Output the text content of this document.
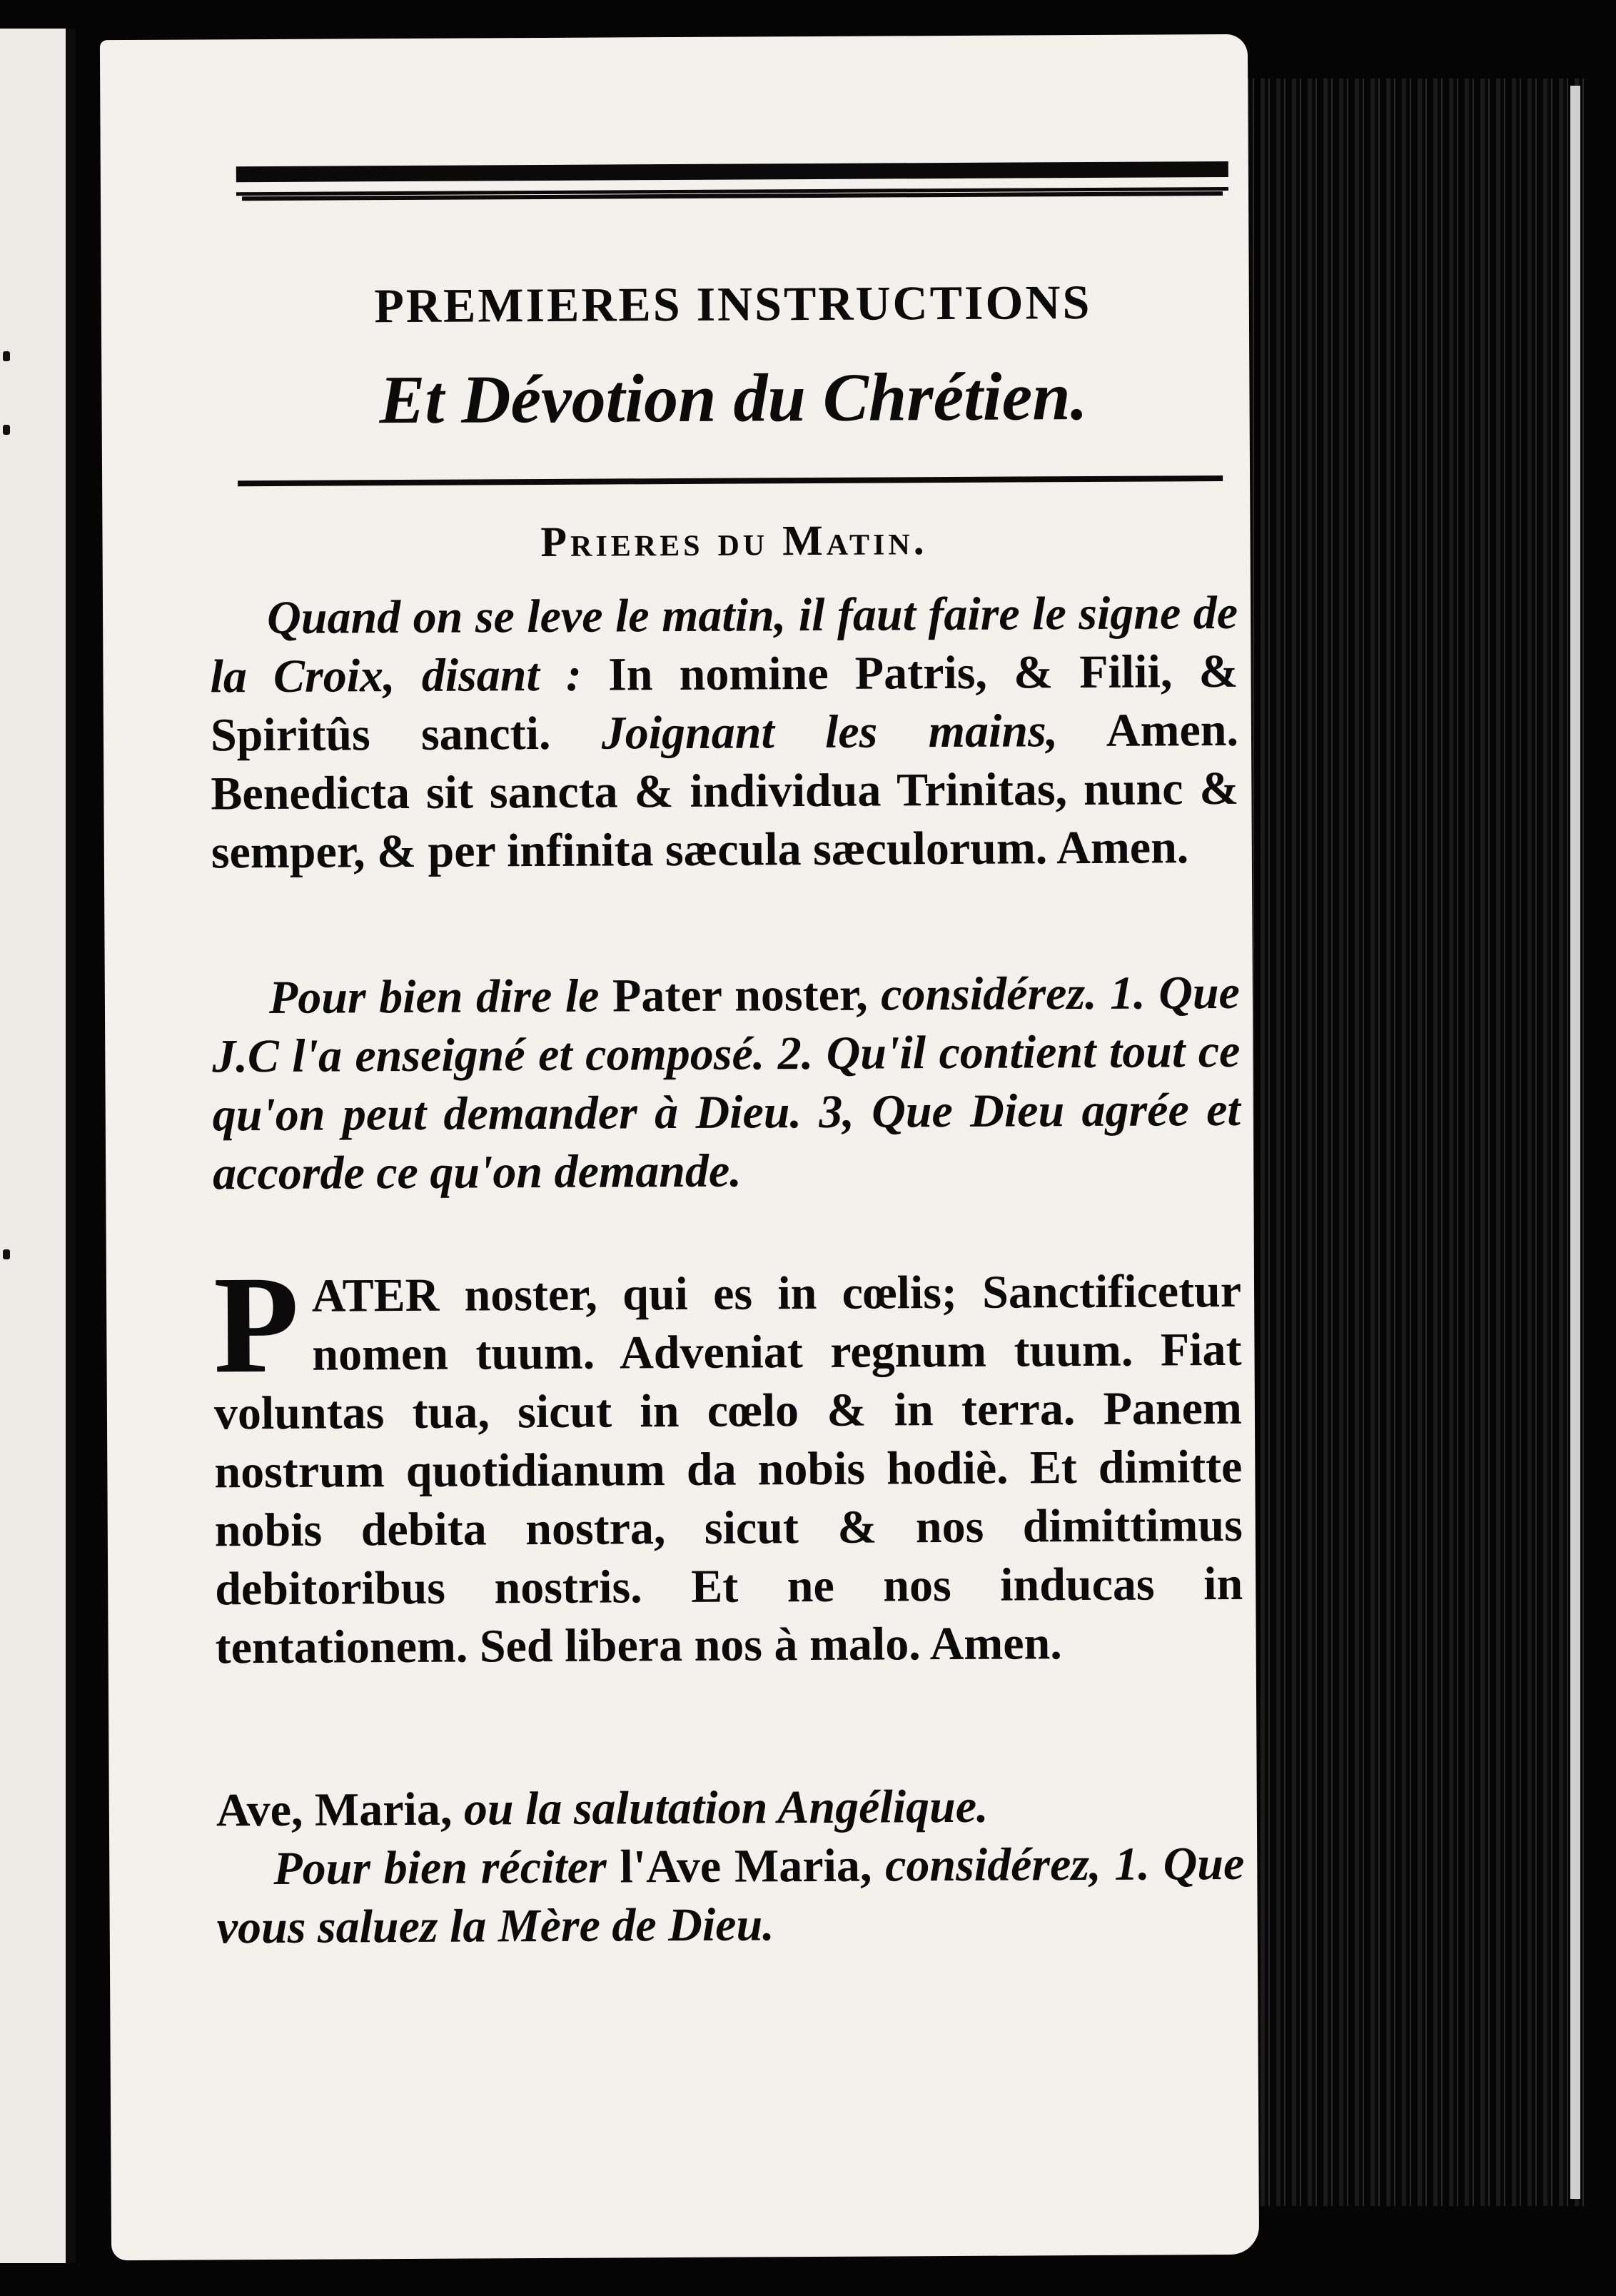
PREMIERES INSTRUCTIONS
Et Dévotion du Chrétien.
Prieres du Matin.

Quand on se leve le matin, il faut faire le signe de la Croix, disant : In nomine Patris, & Filii, & Spiritûs sancti. Joignant les mains, Amen. Benedicta sit sancta & individua Trinitas, nunc & semper, & per infinita sæcula sæculorum. Amen.

Pour bien dire le Pater noster, considérez. 1. Que J.C l'a enseigné et composé. 2. Qu'il contient tout ce qu'on peut demander à Dieu. 3, Que Dieu agrée et accorde ce qu'on demande.

PATER noster, qui es in cœlis; Sanctificetur nomen tuum. Adveniat regnum tuum. Fiat voluntas tua, sicut in cœlo & in terra. Panem nostrum quotidianum da nobis hodiè. Et dimitte nobis debita nostra, sicut & nos dimittimus debitoribus nostris. Et ne nos inducas in tentationem. Sed libera nos à malo. Amen.

Ave, Maria, ou la salutation Angélique.

Pour bien réciter l'Ave Maria, considérez, 1. Que vous saluez la Mère de Dieu.
